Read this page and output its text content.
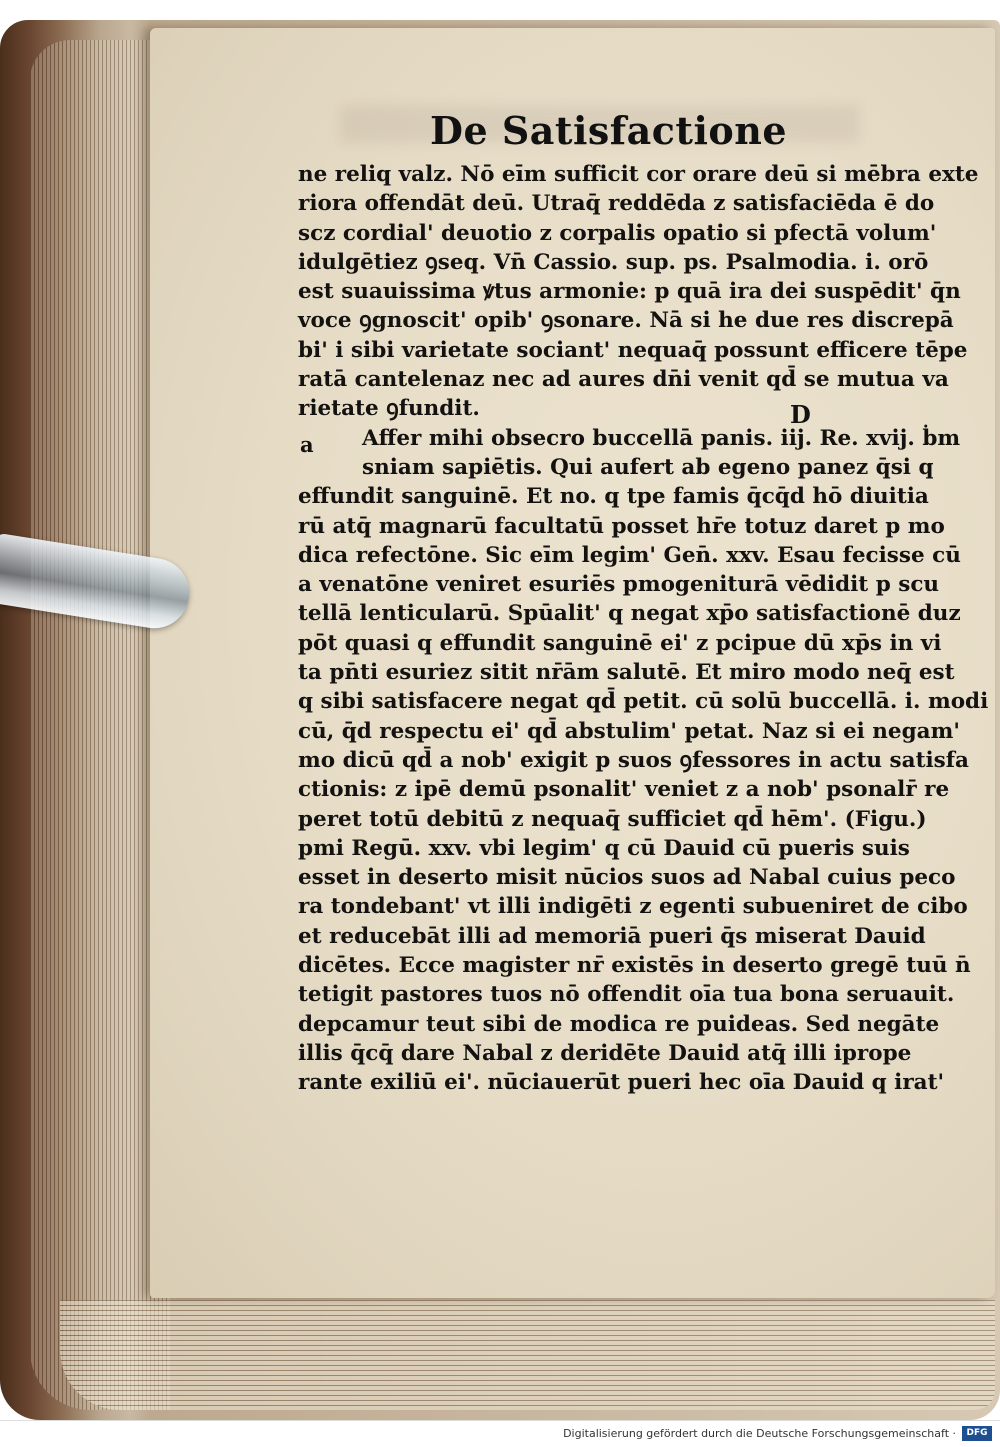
De Satisfactione
a
D
ne reliq valz. Nō eīm sufficit cor orare deū si mēbra exte
riora offendāt deū. Utraq̄ reddēda z satisfaciēda ē do
scz cordial' deuotio z corpalis opatio si pfectā volum'
idulgētiez ꝯseq. Vn̄ Cassio. sup. ps. Psalmodia. i. orō
est suauissima ꝟtus armonie: p quā ira dei suspēdit' q̄n
voce ꝯgnoscit' opib' ꝯsonare. Nā si he due res discrepā
bi' i sibi varietate sociant' nequaq̄ possunt efficere tēpe
ratā cantelenaz nec ad aures dn̄i venit qd̄ se mutua va
rietate ꝯfundit.
Affer mihi obsecro buccellā panis. iij. Re. xvij. ḃm
sniam sapiētis. Qui aufert ab egeno panez q̄si q
effundit sanguinē. Et no. q tpe famis q̄cq̄d hō diuitia
rū atq̄ magnarū facultatū posset hr̄e totuz daret p mo
dica refectōne. Sic eīm legim' Gen̄. xxv. Esau fecisse cū
a venatōne veniret esuriēs pmogeniturā vēdidit p scu
tellā lenticularū. Spūalit' q negat xp̄o satisfactionē duz
pōt quasi q effundit sanguinē ei' z pcipue dū xp̄s in vi
ta pn̄ti esuriez sitit nr̄ām salutē. Et miro modo neq̄ est
q sibi satisfacere negat qd̄ petit. cū solū buccellā. i. modi
cū, q̄d respectu ei' qd̄ abstulim' petat. Naz si ei negam'
mo dicū qd̄ a nob' exigit p suos ꝯfessores in actu satisfa
ctionis: z ipē demū psonalit' veniet z a nob' psonalr̄ re
peret totū debitū z nequaq̄ sufficiet qd̄ hēm'. (Figu.)
pmi Regū. xxv. vbi legim' q cū Dauid cū pueris suis
esset in deserto misit nūcios suos ad Nabal cuius peco
ra tondebant' vt illi indigēti z egenti subueniret de cibo
et reducebāt illi ad memoriā pueri q̄s miserat Dauid
dicētes. Ecce magister nr̄ existēs in deserto gregē tuū n̄
tetigit pastores tuos nō offendit oīa tua bona seruauit.
depcamur teut sibi de modica re puideas. Sed negāte
illis q̄cq̄ dare Nabal z deridēte Dauid atq̄ illi iprope
rante exiliū ei'. nūciauerūt pueri hec oīa Dauid q irat'
Digitalisierung gefördert durch die Deutsche Forschungsgemeinschaft ·	DFG
